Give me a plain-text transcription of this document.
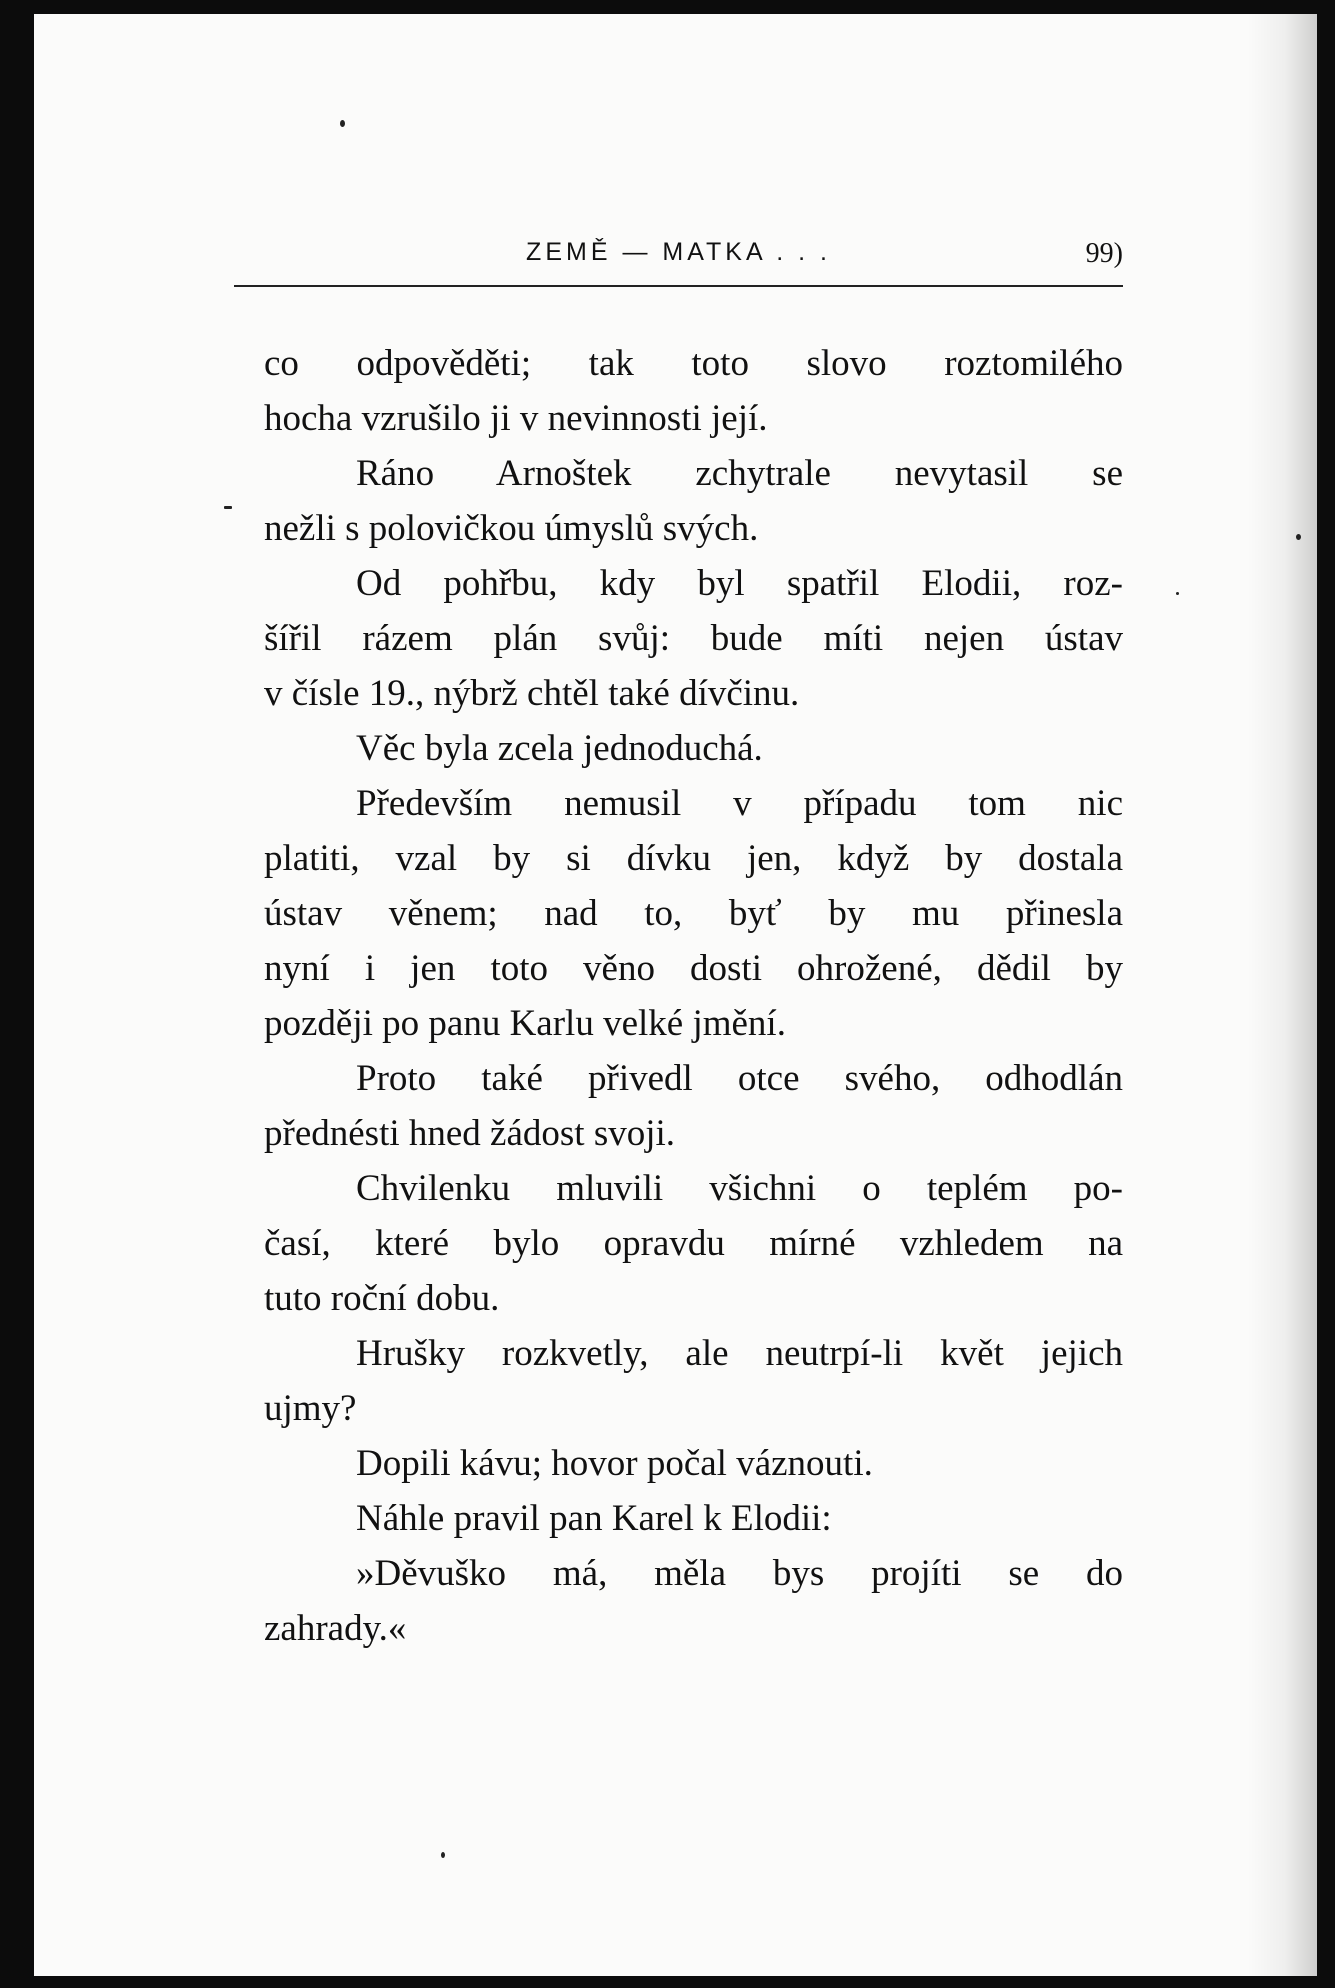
ZEMĚ — MATKA . . .	99)
co odpověděti; tak toto slovo roztomilého
hocha vzrušilo ji v nevinnosti její.
Ráno Arnoštek zchytrale nevytasil se
nežli s polovičkou úmyslů svých.
Od pohřbu, kdy byl spatřil Elodii, roz-
šířil rázem plán svůj: bude míti nejen ústav
v čísle 19., nýbrž chtěl také dívčinu.
Věc byla zcela jednoduchá.
Především nemusil v případu tom nic
platiti, vzal by si dívku jen, když by dostala
ústav věnem; nad to, byť by mu přinesla
nyní i jen toto věno dosti ohrožené, dědil by
později po panu Karlu velké jmění.
Proto také přivedl otce svého, odhodlán
přednésti hned žádost svoji.
Chvilenku mluvili všichni o teplém po-
časí, které bylo opravdu mírné vzhledem na
tuto roční dobu.
Hrušky rozkvetly, ale neutrpí-li květ jejich
ujmy?
Dopili kávu; hovor počal váznouti.
Náhle pravil pan Karel k Elodii:
»Děvuško má, měla bys projíti se do
zahrady.«
